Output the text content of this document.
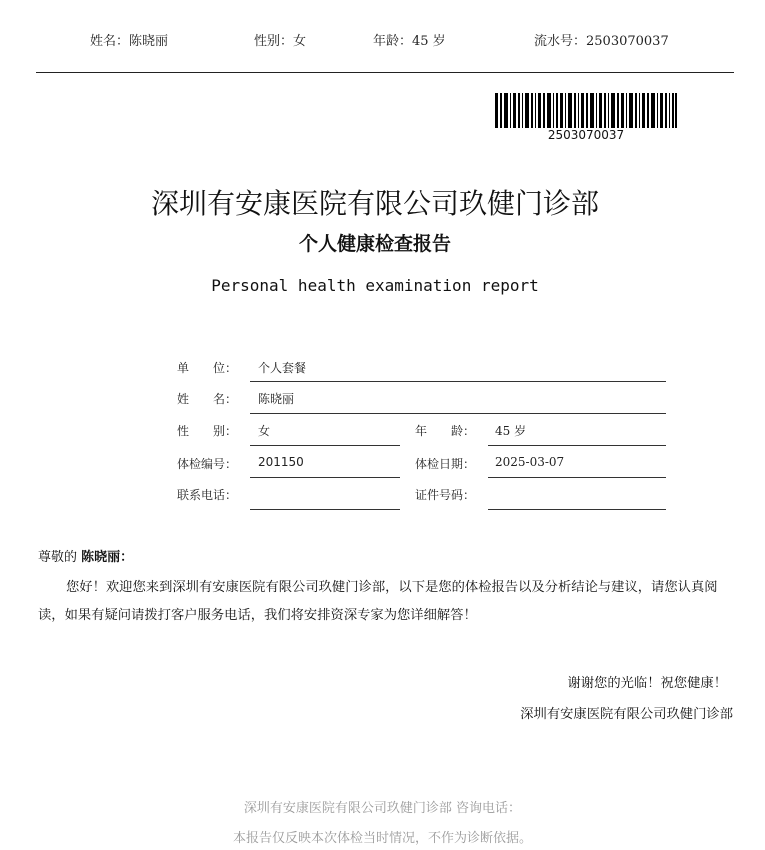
姓名：陈晓丽	性别：女	年龄：45 岁	流水号：2503070037
2503070037
深圳有安康医院有限公司玖健门诊部
个人健康检查报告
Personal health examination report
单　　位： 个人套餐
姓　　名： 陈晓丽
性　　别： 女	年　　龄： 45 岁
体检编号： 201150	体检日期： 2025-03-07
联系电话：	证件号码：
尊敬的 陈晓丽：
您好！欢迎您来到深圳有安康医院有限公司玖健门诊部，以下是您的体检报告以及分析结论与建议，请您认真阅读，如果有疑问请拨打客户服务电话，我们将安排资深专家为您详细解答！
谢谢您的光临！祝您健康！
深圳有安康医院有限公司玖健门诊部
深圳有安康医院有限公司玖健门诊部 咨询电话：
本报告仅反映本次体检当时情况，不作为诊断依据。
